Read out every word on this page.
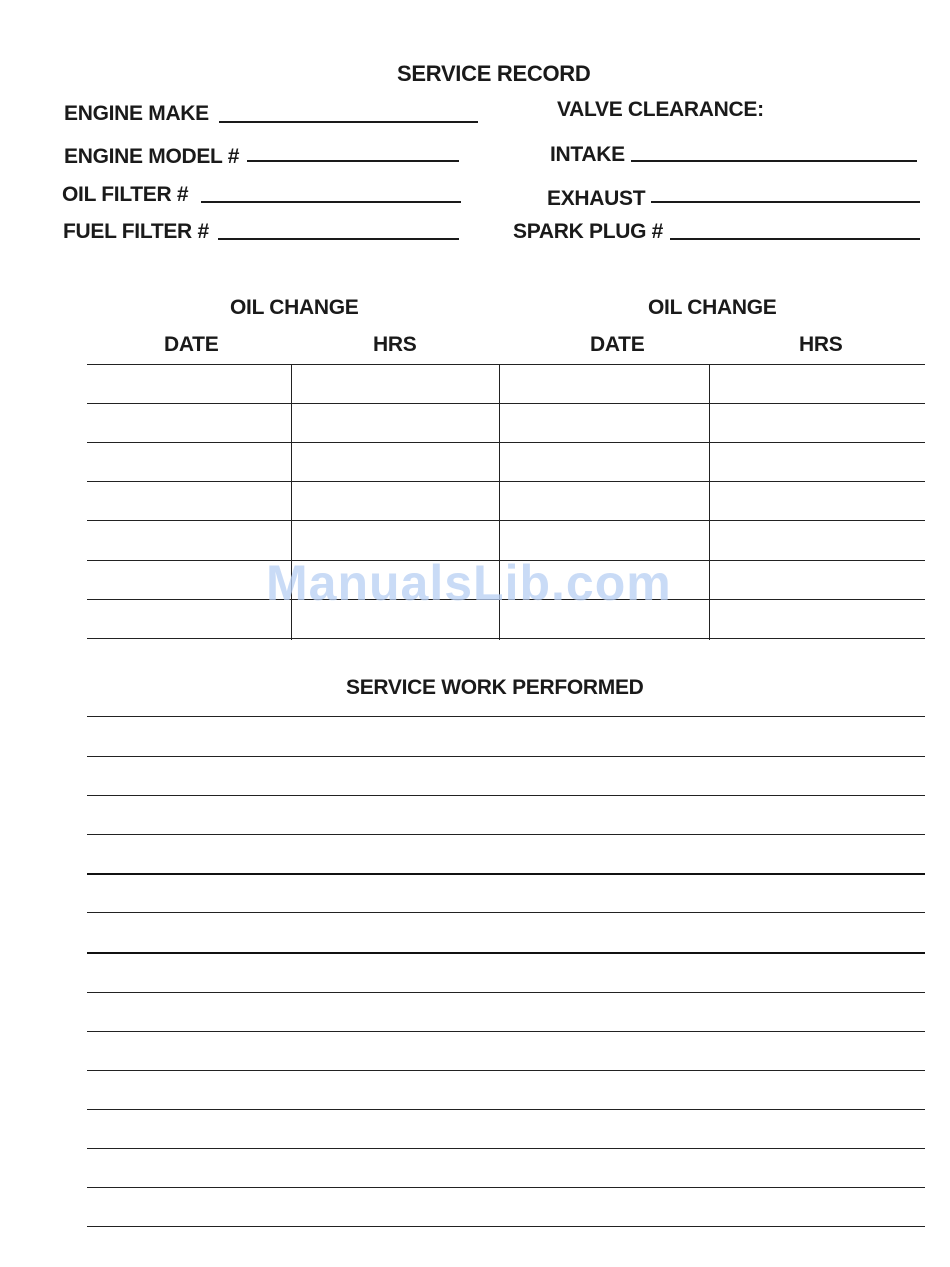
SERVICE RECORD
ENGINE MAKE
ENGINE MODEL #
OIL FILTER #
FUEL FILTER #
VALVE CLEARANCE:
INTAKE
EXHAUST
SPARK PLUG #
OIL CHANGE	OIL CHANGE
DATE	HRS	DATE	HRS
SERVICE WORK PERFORMED
ManualsLib.com
